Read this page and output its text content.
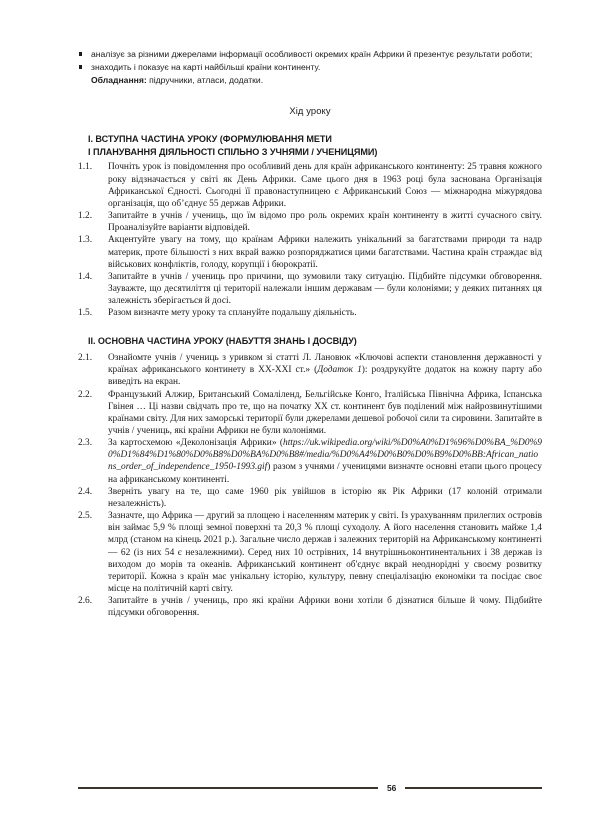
аналізує за різними джерелами інформації особливості окремих країн Африки й презентує результати роботи;
знаходить і показує на карті найбільші країни континенту.

Обладнання: підручники, атласи, додатки.

Хід уроку
I. ВСТУПНА ЧАСТИНА УРОКУ (ФОРМУЛЮВАННЯ МЕТИ
І ПЛАНУВАННЯ ДІЯЛЬНОСТІ СПІЛЬНО З УЧНЯМИ / УЧЕНИЦЯМИ)
1.1.	Почніть урок із повідомлення про особливий день для країн африканського континенту: 25 травня кожного року відзначається у світі як День Африки. Саме цього дня в 1963 році була заснована Організація Африканської Єдності. Сьогодні її правонаступницею є Африканський Союз — міжнародна міжурядова організація, що об’єднує 55 держав Африки.
1.2.	Запитайте в учнів / учениць, що їм відомо про роль окремих країн континенту в житті сучасного світу. Проаналізуйте варіанти відповідей.
1.3.	Акцентуйте увагу на тому, що країнам Африки належить унікальний за багатствами природи та надр материк, проте більшості з них вкрай важко розпоряджатися цими багатствами. Частина країн страждає від військових конфліктів, голоду, корупції і бюрократії.
1.4.	Запитайте в учнів / учениць про причини, що зумовили таку ситуацію. Підбийте підсумки обговорення. Зауважте, що десятиліття ці території належали іншим державам — були колоніями; у деяких питаннях ця залежність зберігається й досі.
1.5.	Разом визначте мету уроку та сплануйте подальшу діяльність.
II. ОСНОВНА ЧАСТИНА УРОКУ (НАБУТТЯ ЗНАНЬ І ДОСВІДУ)
2.1.	Ознайомте учнів / учениць з уривком зі статті Л. Лановюк «Ключові аспекти становлення державності у країнах африканського континету в XX-XXI ст.» (Додаток 1): роздрукуйте додаток на кожну парту або виведіть на екран.
2.2.	Французький Алжир, Британський Сомаліленд, Бельгійське Конго, Італійська Північна Африка, Іспанська Гвінея … Ці назви свідчать про те, що на початку XX ст. континент був поділений між найрозвинутішими країнами світу. Для них заморські території були джерелами дешевої робочої сили та сировини. Запитайте в учнів / учениць, які країни Африки не були колоніями.
2.3.	За картосхемою «Деколонізація Африки» (https://uk.wikipedia.org/wiki/%D0%A0%D1%96%D0%BA_%D0%90%D1%84%D1%80%D0%B8%D0%BA%D0%B8#/media/%D0%A4%D0%B0%D0%B9%D0%BB:African_nations_order_of_independence_1950-1993.gif) разом з учнями / ученицями визначте основні етапи цього процесу на африканському континенті.
2.4.	Зверніть увагу на те, що саме 1960 рік увійшов в історію як Рік Африки (17 колоній отримали незалежність).
2.5.	Зазначте, що Африка — другий за площею і населенням материк у світі. Із урахуванням прилеглих островів він займає 5,9 % площі земної поверхні та 20,3 % площі суходолу. А його населення становить майже 1,4 млрд (станом на кінець 2021 р.). Загальне число держав і залежних територій на Африканському континенті — 62 (із них 54 є незалежними). Серед них 10 острівних, 14 внутрішньоконтинентальних і 38 держав із виходом до морів та океанів. Африканський континент об'єднує вкрай неоднорідні у своєму розвитку території. Кожна з країн має унікальну історію, культуру, певну спеціалізацію економіки та посідає своє місце на політичній карті світу.
2.6.	Запитайте в учнів / учениць, про які країни Африки вони хотіли б дізнатися більше й чому. Підбийте підсумки обговорення.
56
